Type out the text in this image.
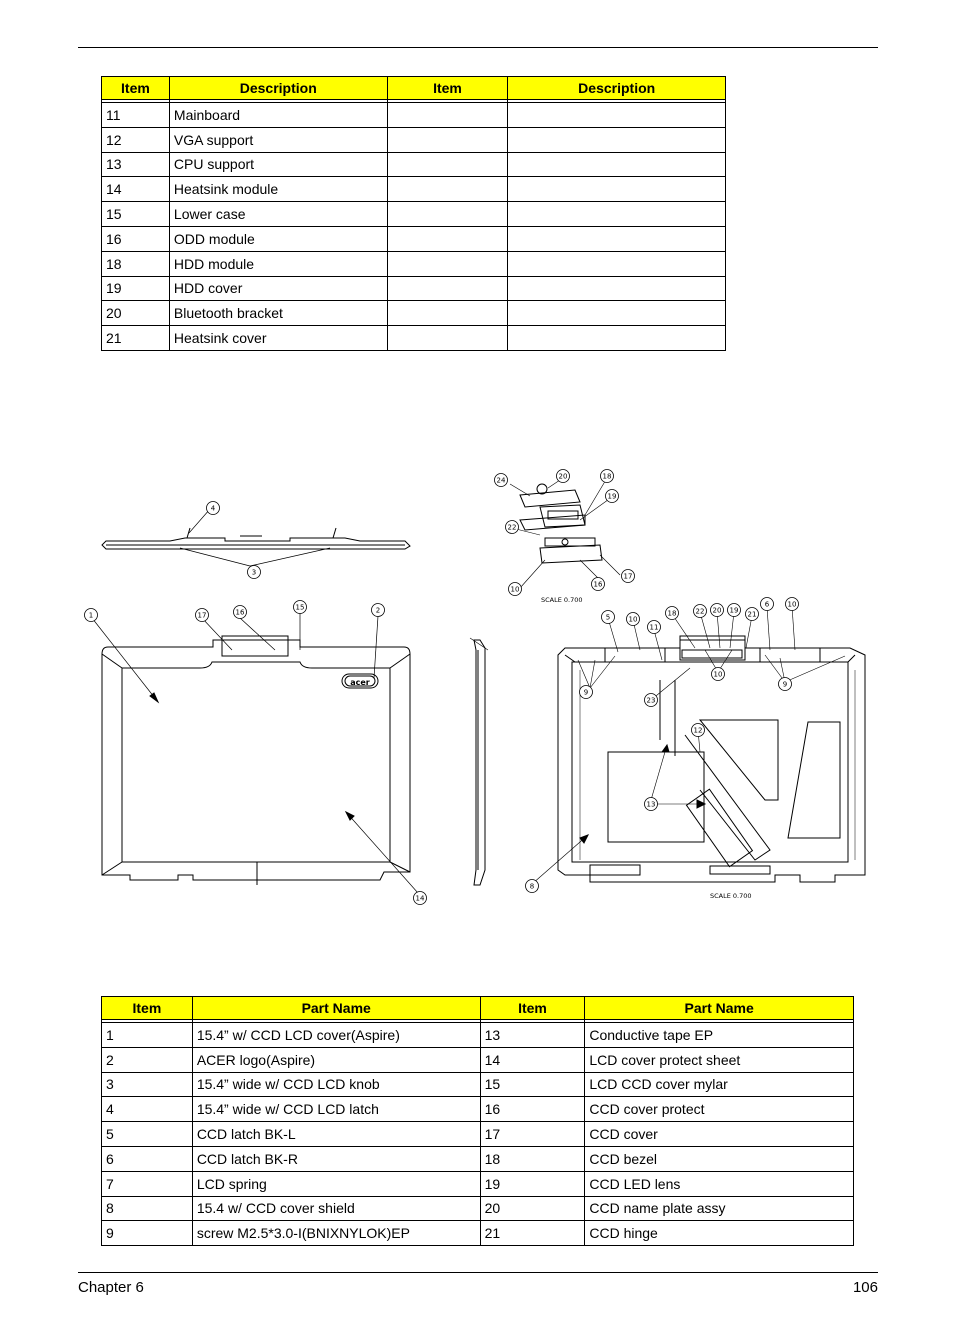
Item	Description	Item	Description

11	Mainboard		
12	VGA support		
13	CPU support		
14	Heatsink module		
15	Lower case		
16	ODD module		
18	HDD module		
19	HDD cover		
20	Bluetooth bracket		
21	Heatsink cover		
acer
SCALE 0.700
SCALE 0.700
4
3
1	17	16
15	2
14
24	20	18
19
22
10
16
17
5	10
11
18	22 20 19 21
6	10
9
10
9
23
12
13
8
Item	Part Name	Item	Part Name

1	15.4” w/ CCD LCD cover(Aspire)	13	Conductive tape EP
2	ACER logo(Aspire)	14	LCD cover protect sheet
3	15.4” wide w/ CCD LCD knob	15	LCD CCD cover mylar
4	15.4” wide w/ CCD LCD latch	16	CCD cover protect
5	CCD latch BK-L	17	CCD cover
6	CCD latch BK-R	18	CCD bezel
7	LCD spring	19	CCD LED lens
8	15.4 w/ CCD cover shield	20	CCD name plate assy
9	screw M2.5*3.0-I(BNIXNYLOK)EP	21	CCD hinge
Chapter 6	106
